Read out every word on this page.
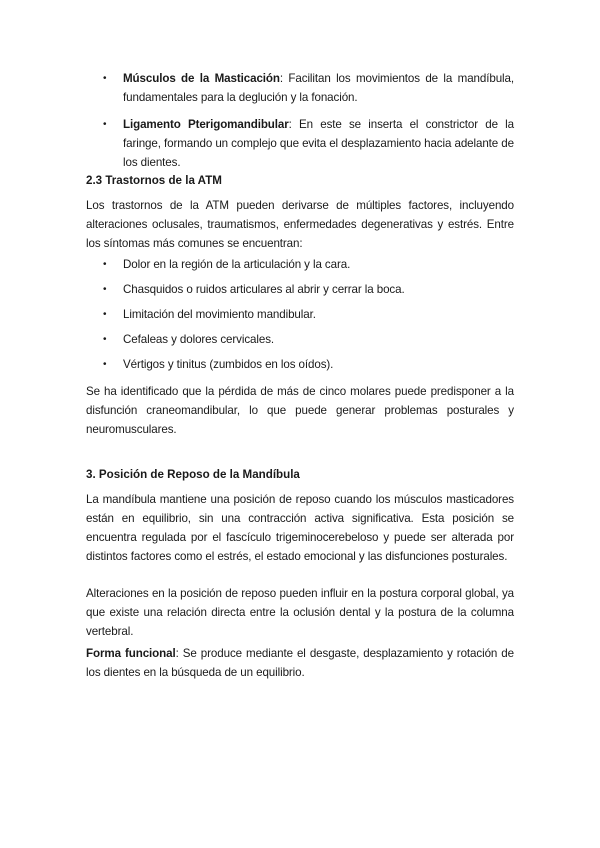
• Músculos de la Masticación: Facilitan los movimientos de la mandíbula, fundamentales para la deglución y la fonación.
• Ligamento Pterigomandibular: En este se inserta el constrictor de la faringe, formando un complejo que evita el desplazamiento hacia adelante de los dientes.
2.3 Trastornos de la ATM

Los trastornos de la ATM pueden derivarse de múltiples factores, incluyendo alteraciones oclusales, traumatismos, enfermedades degenerativas y estrés. Entre los síntomas más comunes se encuentran:

• Dolor en la región de la articulación y la cara.
• Chasquidos o ruidos articulares al abrir y cerrar la boca.
• Limitación del movimiento mandibular.
• Cefaleas y dolores cervicales.
• Vértigos y tinitus (zumbidos en los oídos).

Se ha identificado que la pérdida de más de cinco molares puede predisponer a la disfunción craneomandibular, lo que puede generar problemas posturales y neuromusculares.

3. Posición de Reposo de la Mandíbula

La mandíbula mantiene una posición de reposo cuando los músculos masticadores están en equilibrio, sin una contracción activa significativa. Esta posición se encuentra regulada por el fascículo trigeminocerebeloso y puede ser alterada por distintos factores como el estrés, el estado emocional y las disfunciones posturales.

Alteraciones en la posición de reposo pueden influir en la postura corporal global, ya que existe una relación directa entre la oclusión dental y la postura de la columna vertebral.

Forma funcional: Se produce mediante el desgaste, desplazamiento y rotación de los dientes en la búsqueda de un equilibrio.
